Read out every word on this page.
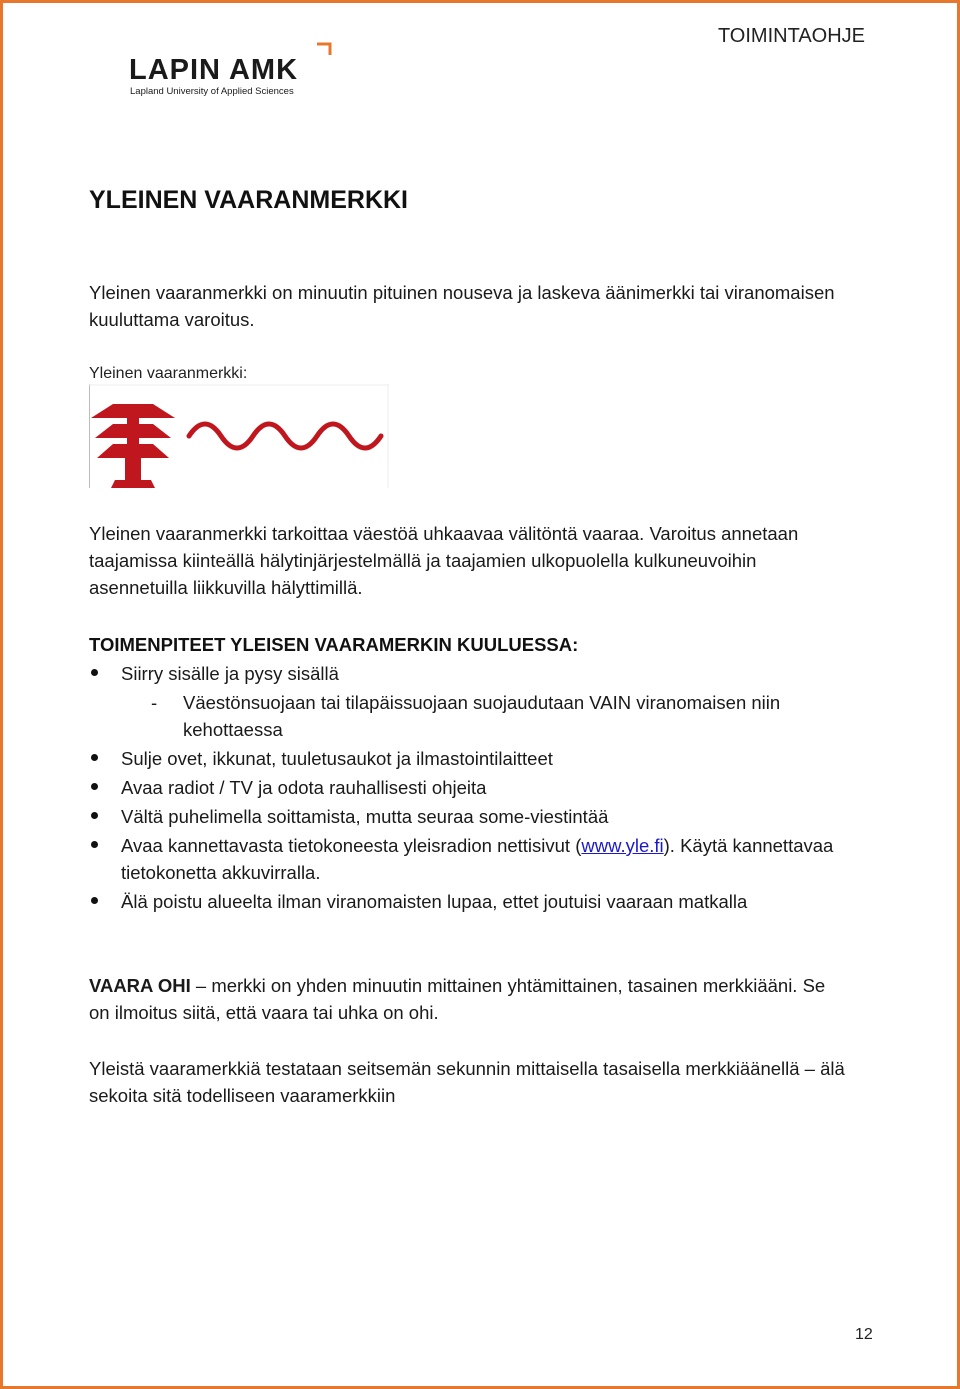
TOIMINTAOHJE
LAPIN AMK
Lapland University of Applied Sciences
YLEINEN VAARANMERKKI

Yleinen vaaranmerkki on minuutin pituinen nouseva ja laskeva äänimerkki tai viranomaisen kuuluttama varoitus.

Yleinen vaaranmerkki:

Yleinen vaaranmerkki tarkoittaa väestöä uhkaavaa välitöntä vaaraa. Varoitus annetaan taajamissa kiinteällä hälytinjärjestelmällä ja taajamien ulkopuolella kulkuneuvoihin asennetuilla liikkuvilla hälyttimillä.

TOIMENPITEET YLEISEN VAARAMERKIN KUULUESSA:

Siirry sisälle ja pysy sisällä
- Väestönsuojaan tai tilapäissuojaan suojaudutaan VAIN viranomaisen niin kehottaessa
Sulje ovet, ikkunat, tuuletusaukot ja ilmastointilaitteet
Avaa radiot / TV ja odota rauhallisesti ohjeita
Vältä puhelimella soittamista, mutta seuraa some-viestintää
Avaa kannettavasta tietokoneesta yleisradion nettisivut (www.yle.fi). Käytä kannettavaa tietokonetta akkuvirralla.
Älä poistu alueelta ilman viranomaisten lupaa, ettet joutuisi vaaraan matkalla

VAARA OHI – merkki on yhden minuutin mittainen yhtämittainen, tasainen merkkiääni. Se on ilmoitus siitä, että vaara tai uhka on ohi.

Yleistä vaaramerkkiä testataan seitsemän sekunnin mittaisella tasaisella merkkiäänellä – älä sekoita sitä todelliseen vaaramerkkiin

12
